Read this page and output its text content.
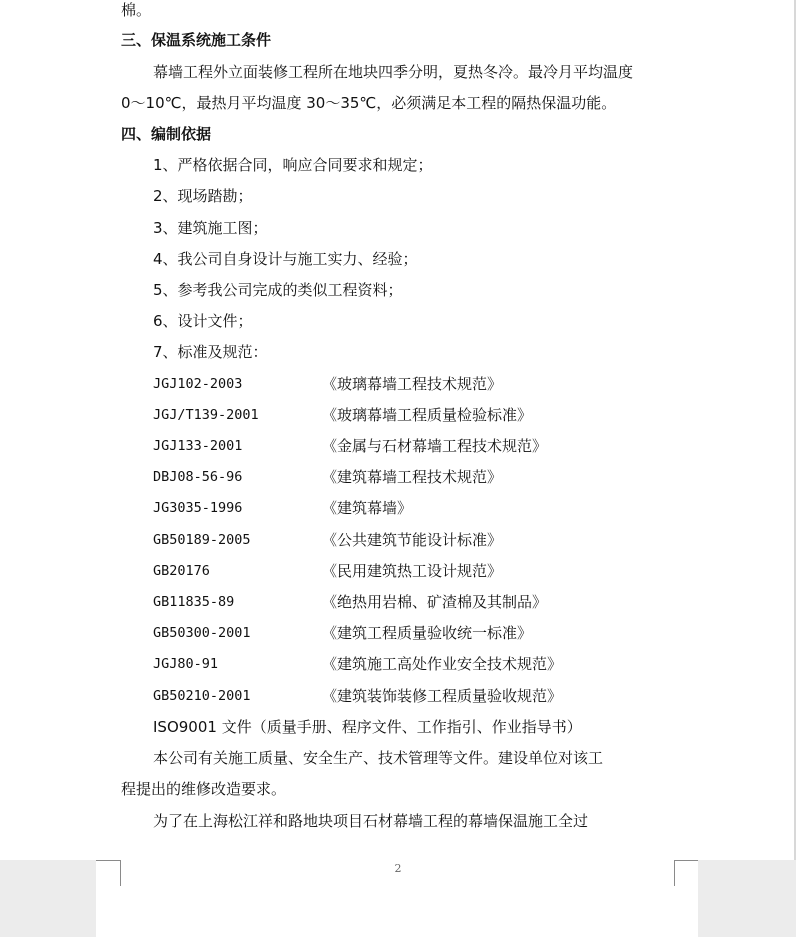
棉。
三、保温系统施工条件
幕墙工程外立面装修工程所在地块四季分明，夏热冬冷。最冷月平均温度
0～10℃，最热月平均温度 30～35℃，必须满足本工程的隔热保温功能。
四、编制依据
1、严格依据合同，响应合同要求和规定；
2、现场踏勘；
3、建筑施工图；
4、我公司自身设计与施工实力、经验；
5、参考我公司完成的类似工程资料；
6、设计文件；
7、标准及规范：
JGJ102-2003	《玻璃幕墙工程技术规范》
JGJ/T139-2001	《玻璃幕墙工程质量检验标准》
JGJ133-2001	《金属与石材幕墙工程技术规范》
DBJ08-56-96	《建筑幕墙工程技术规范》
JG3035-1996	《建筑幕墙》
GB50189-2005	《公共建筑节能设计标准》
GB20176	《民用建筑热工设计规范》
GB11835-89	《绝热用岩棉、矿渣棉及其制品》
GB50300-2001	《建筑工程质量验收统一标准》
JGJ80-91	《建筑施工高处作业安全技术规范》
GB50210-2001	《建筑装饰装修工程质量验收规范》
ISO9001 文件（质量手册、程序文件、工作指引、作业指导书）
本公司有关施工质量、安全生产、技术管理等文件。建设单位对该工
程提出的维修改造要求。
为了在上海松江祥和路地块项目石材幕墙工程的幕墙保温施工全过
2
